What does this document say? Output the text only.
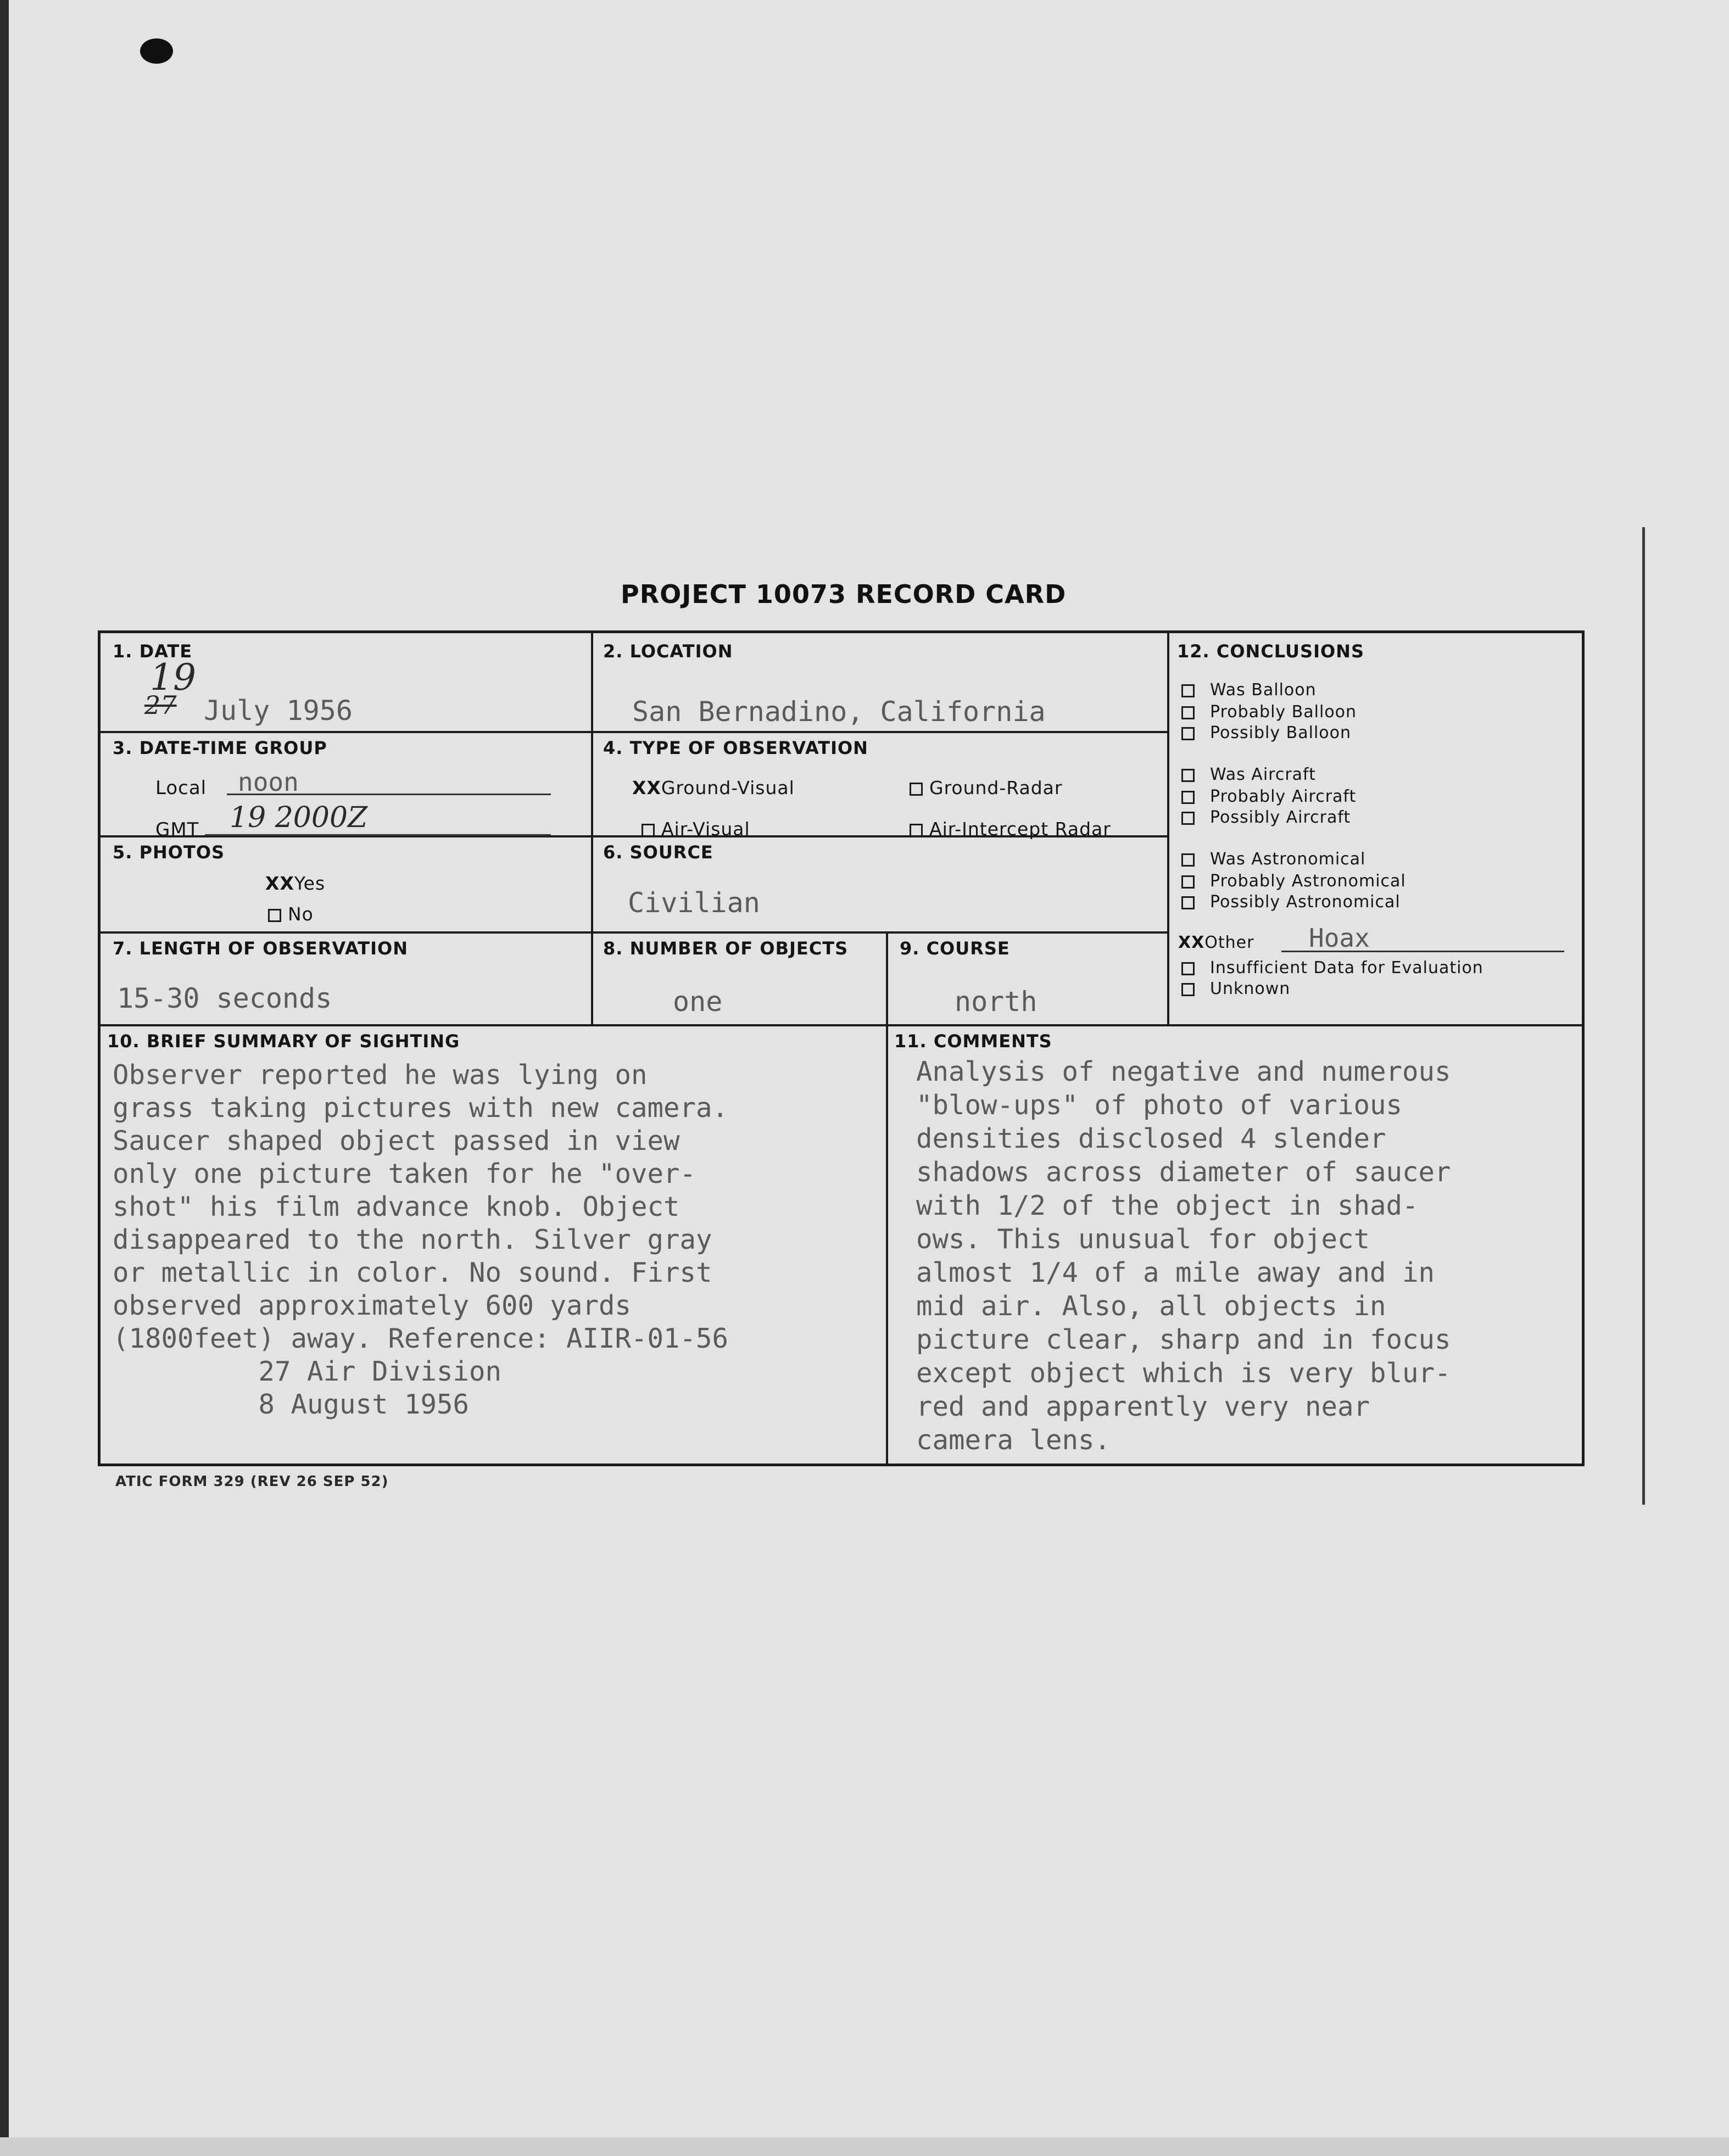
PROJECT 10073 RECORD CARD
1. DATE
19
27 July 1956
2. LOCATION
San Bernadino, California
3. DATE-TIME GROUP
Local noon
GMT 19 2000Z
4. TYPE OF OBSERVATION
XXGround-Visual	Ground-Radar
Air-Visual	Air-Intercept Radar
5. PHOTOS
XXYes
No
6. SOURCE
Civilian
7. LENGTH OF OBSERVATION
15-30 seconds
8. NUMBER OF OBJECTS
one
9. COURSE
north
12. CONCLUSIONS
Was Balloon
Probably Balloon
Possibly Balloon
Was Aircraft
Probably Aircraft
Possibly Aircraft
Was Astronomical
Probably Astronomical
Possibly Astronomical
XXOther Hoax
Insufficient Data for Evaluation
Unknown
10. BRIEF SUMMARY OF SIGHTING
Observer reported he was lying on
grass taking pictures with new camera.
Saucer shaped object passed in view
only one picture taken for he "over-
shot" his film advance knob. Object
disappeared to the north. Silver gray
or metallic in color. No sound. First
observed approximately 600 yards
(1800feet) away. Reference: AIIR-01-56
27 Air Division
8 August 1956
11. COMMENTS
Analysis of negative and numerous
"blow-ups" of photo of various
densities disclosed 4 slender
shadows across diameter of saucer
with 1/2 of the object in shad-
ows. This unusual for object
almost 1/4 of a mile away and in
mid air. Also, all objects in
picture clear, sharp and in focus
except object which is very blur-
red and apparently very near
camera lens.
ATIC FORM 329 (REV 26 SEP 52)
